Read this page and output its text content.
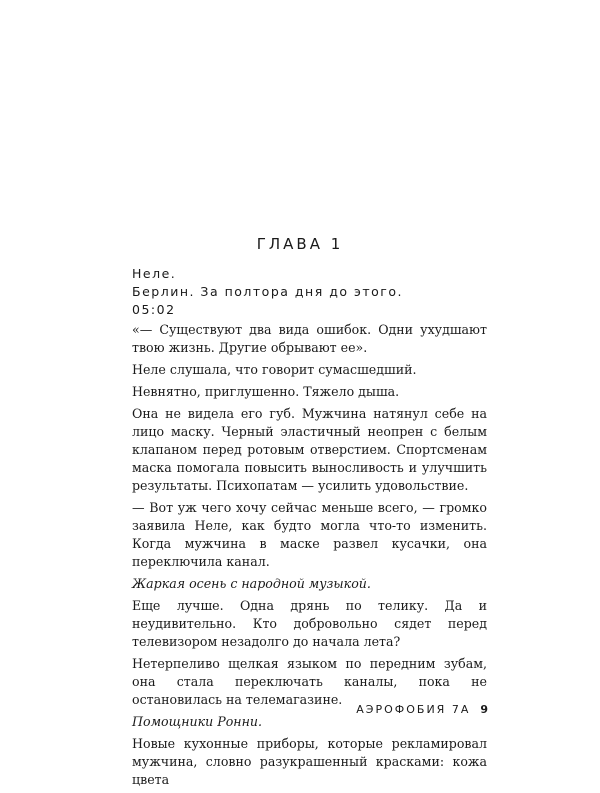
ГЛАВА 1
Неле.
Берлин. За полтора дня до этого.
05:02

«— Существуют два вида ошибок. Одни ухудшают твою жизнь. Другие обрывают ее».

Неле слушала, что говорит сумасшедший.

Невнятно, приглушенно. Тяжело дыша.

Она не видела его губ. Мужчина натянул себе на лицо маску. Черный эластичный неопрен с белым клапаном перед ротовым отверстием. Спортсменам маска помогала повысить выносливость и улучшить результаты. Психопатам — усилить удовольствие.

— Вот уж чего хочу сейчас меньше всего, — громко заявила Неле, как будто могла что-то изменить. Когда мужчина в маске развел кусачки, она переключила канал.

Жаркая осень с народной музыкой.

Еще лучше. Одна дрянь по телику. Да и неудивительно. Кто добровольно сядет перед телевизором незадолго до начала лета?

Нетерпеливо щелкая языком по передним зубам, она стала переключать каналы, пока не остановилась на телемагазине.

Помощники Ронни.

Новые кухонные приборы, которые рекламировал мужчина, словно разукрашенный красками: кожа цвета

АЭРОФОБИЯ 7А 9
